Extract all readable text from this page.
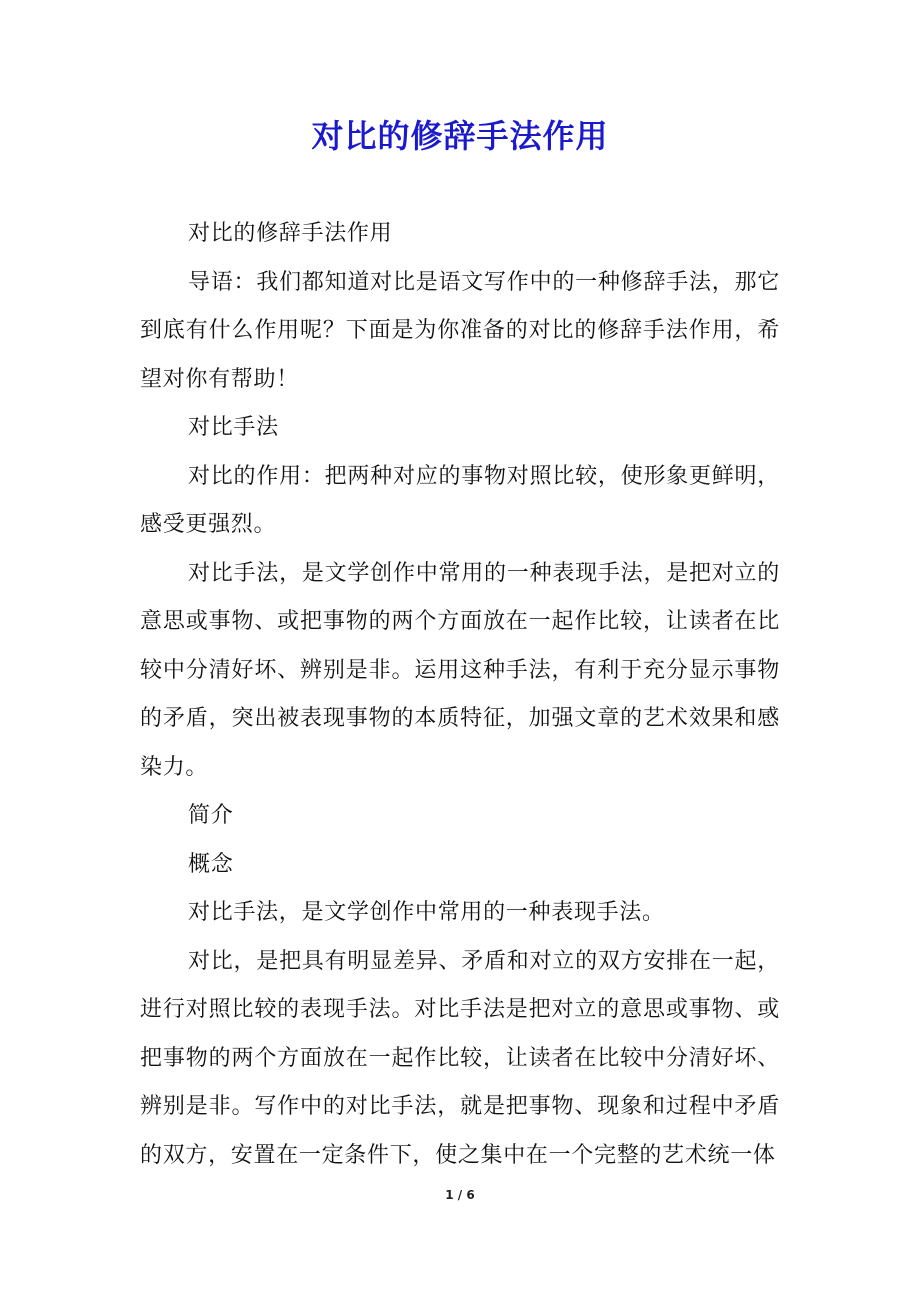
对比的修辞手法作用

对比的修辞手法作用

导语：我们都知道对比是语文写作中的一种修辞手法，那它到底有什么作用呢？下面是为你准备的对比的修辞手法作用，希望对你有帮助！

对比手法

对比的作用：把两种对应的事物对照比较，使形象更鲜明，感受更强烈。

对比手法，是文学创作中常用的一种表现手法，是把对立的意思或事物、或把事物的两个方面放在一起作比较，让读者在比较中分清好坏、辨别是非。运用这种手法，有利于充分显示事物的矛盾，突出被表现事物的本质特征，加强文章的艺术效果和感染力。

简介

概念

对比手法，是文学创作中常用的一种表现手法。

对比，是把具有明显差异、矛盾和对立的双方安排在一起，进行对照比较的表现手法。对比手法是把对立的意思或事物、或把事物的两个方面放在一起作比较，让读者在比较中分清好坏、辨别是非。写作中的对比手法，就是把事物、现象和过程中矛盾的双方，安置在一定条件下，使之集中在一个完整的艺术统一体

1 / 6
